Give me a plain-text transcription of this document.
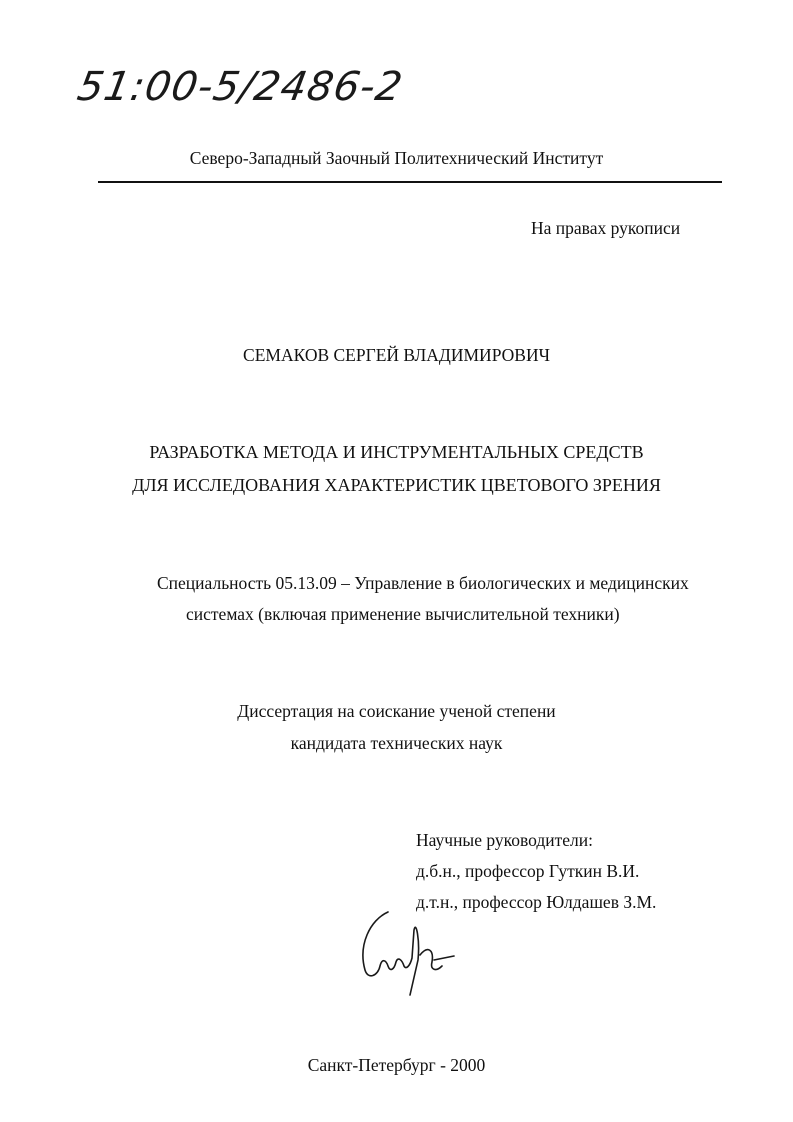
51:00-5/2486-2
Северо-Западный Заочный Политехнический Институт
На правах рукописи
СЕМАКОВ СЕРГЕЙ ВЛАДИМИРОВИЧ
РАЗРАБОТКА МЕТОДА И ИНСТРУМЕНТАЛЬНЫХ СРЕДСТВ
ДЛЯ ИССЛЕДОВАНИЯ ХАРАКТЕРИСТИК ЦВЕТОВОГО ЗРЕНИЯ
Специальность 05.13.09 – Управление в биологических и медицинских
системах (включая применение вычислительной техники)
Диссертация на соискание ученой степени
кандидата технических наук
Научные руководители:
д.б.н., профессор Гуткин В.И.
д.т.н., профессор Юлдашев З.М.
Санкт-Петербург - 2000
